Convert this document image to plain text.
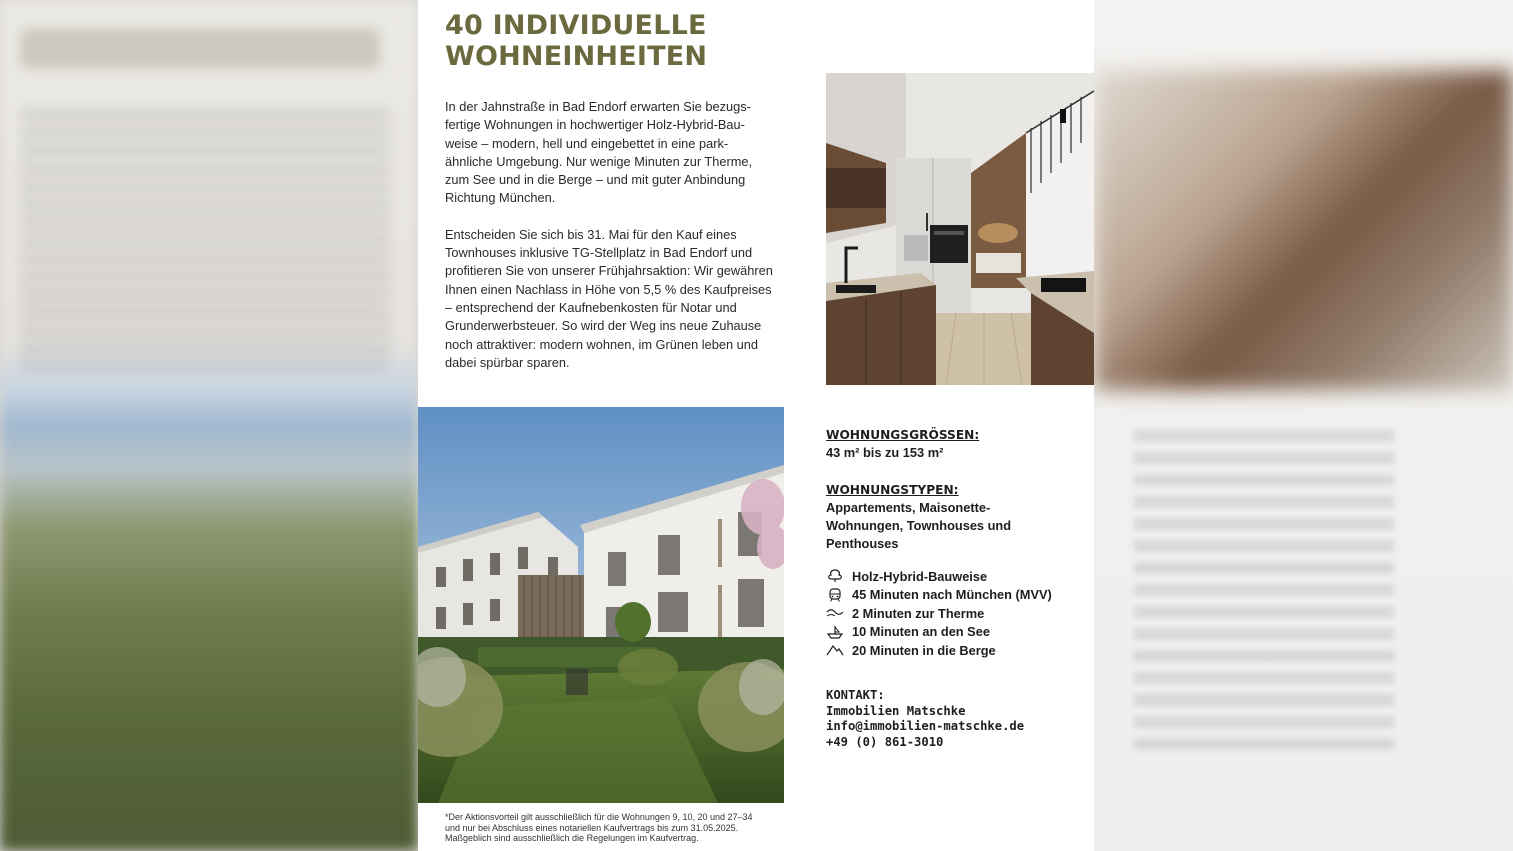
40 INDIVIDUELLE
WOHNEINHEITEN

In der Jahnstraße in Bad Endorf erwarten Sie bezugs-fertige Wohnungen in hochwertiger Holz-Hybrid-Bau-weise – modern, hell und eingebettet in eine park-ähnliche Umgebung. Nur wenige Minuten zur Therme, zum See und in die Berge – und mit guter Anbindung Richtung München.

Entscheiden Sie sich bis 31. Mai für den Kauf eines Townhouses inklusive TG-Stellplatz in Bad Endorf und profitieren Sie von unserer Frühjahrsaktion: Wir gewähren Ihnen einen Nachlass in Höhe von 5,5 % des Kaufpreises – entsprechend der Kaufnebenkosten für Notar und Grunderwerbsteuer. So wird der Weg ins neue Zuhause noch attraktiver: modern wohnen, im Grünen leben und dabei spürbar sparen.

WOHNUNGSGRÖSSEN:
43 m² bis zu 153 m²
WOHNUNGSTYPEN:
Appartements, Maisonette-Wohnungen, Townhouses und Penthouses
Holz-Hybrid-Bauweise
45 Minuten nach München (MVV)
2 Minuten zur Therme
10 Minuten an den See
20 Minuten in die Berge
KONTAKT:
Immobilien Matschke
info@immobilien-matschke.de
+49 (0) 861-3010
*Der Aktionsvorteil gilt ausschließlich für die Wohnungen 9, 10, 20 und 27–34
und nur bei Abschluss eines notariellen Kaufvertrags bis zum 31.05.2025.
Maßgeblich sind ausschließlich die Regelungen im Kaufvertrag.
